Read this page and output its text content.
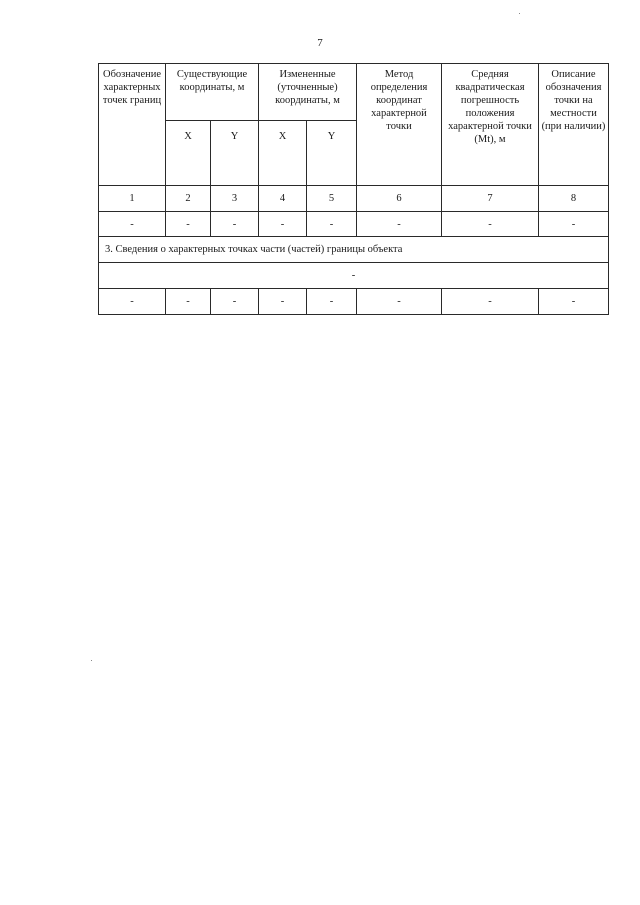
7
Обозначение характерных точек границ	Существующие координаты, м		Измененные (уточненные) координаты, м		Метод определения координат характерной точки	Средняя квадратическая погрешность положения характерной точки (Mt), м	Описание обозначения точки на местности (при наличии)
	X	Y	X	Y			
1	2	3	4	5	6	7	8
-	-	-	-	-	-	-	-
3. Сведения о характерных точках части (частей) границы объекта							
-							
-	-	-	-	-	-	-	-
